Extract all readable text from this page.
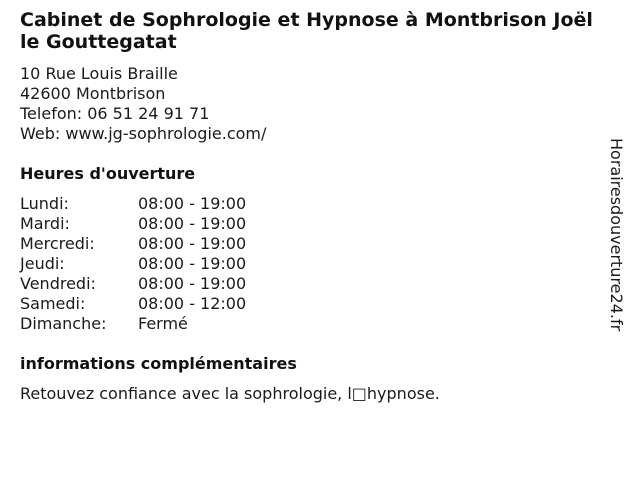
Cabinet de Sophrologie et Hypnose à Montbrison Joëlle Gouttegatat
10 Rue Louis Braille
42600 Montbrison
Telefon: 06 51 24 91 71
Web: www.jg-sophrologie.com/
Heures d'ouverture
Lundi:	08:00 - 19:00
Mardi:	08:00 - 19:00
Mercredi:	08:00 - 19:00
Jeudi:	08:00 - 19:00
Vendredi:	08:00 - 19:00
Samedi:	08:00 - 12:00
Dimanche: Fermé
informations complémentaires
Retouvez confiance avec la sophrologie, l□hypnose.
Horairesdouverture24.fr
